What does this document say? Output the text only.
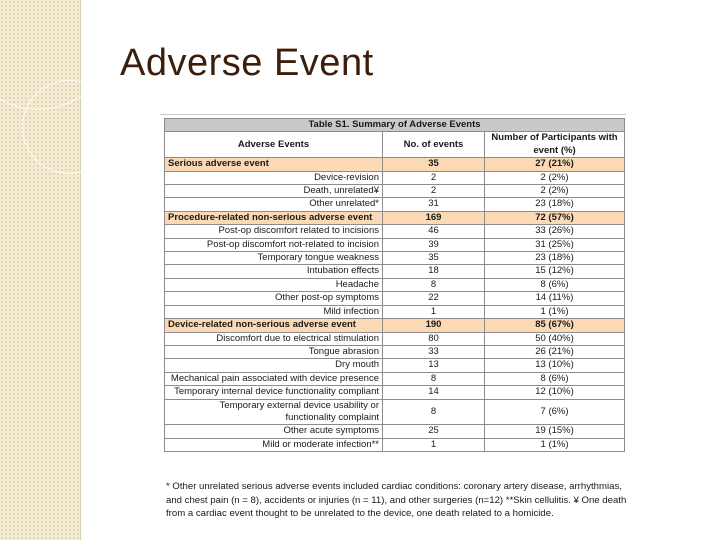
Adverse Event
Table S1. Summary of Adverse Events		
Adverse Events	No. of events	Number of Participants with event (%)
Serious adverse event	35	27 (21%)
Device-revision	2	2 (2%)
Death, unrelated¥	2	2 (2%)
Other unrelated*	31	23 (18%)
Procedure-related non-serious adverse event	169	72 (57%)
Post-op discomfort related to incisions	46	33 (26%)
Post-op discomfort not-related to incision	39	31 (25%)
Temporary tongue weakness	35	23 (18%)
Intubation effects	18	15 (12%)
Headache	8	8 (6%)
Other post-op symptoms	22	14 (11%)
Mild infection	1	1 (1%)
Device-related non-serious adverse event	190	85 (67%)
Discomfort due to electrical stimulation	80	50 (40%)
Tongue abrasion	33	26 (21%)
Dry mouth	13	13 (10%)
Mechanical pain associated with device presence	8	8 (6%)
Temporary internal device functionality compliant	14	12 (10%)
Temporary external device usability or functionality complaint	8	7 (6%)
Other acute symptoms	25	19 (15%)
Mild or moderate infection**	1	1 (1%)
* Other unrelated serious adverse events included cardiac conditions: coronary artery disease, arrhythmias, and chest pain (n = 8), accidents or injuries (n = 11), and other surgeries (n=12) **Skin cellulitis. ¥ One death from a cardiac event thought to be unrelated to the device, one death related to a homicide.
